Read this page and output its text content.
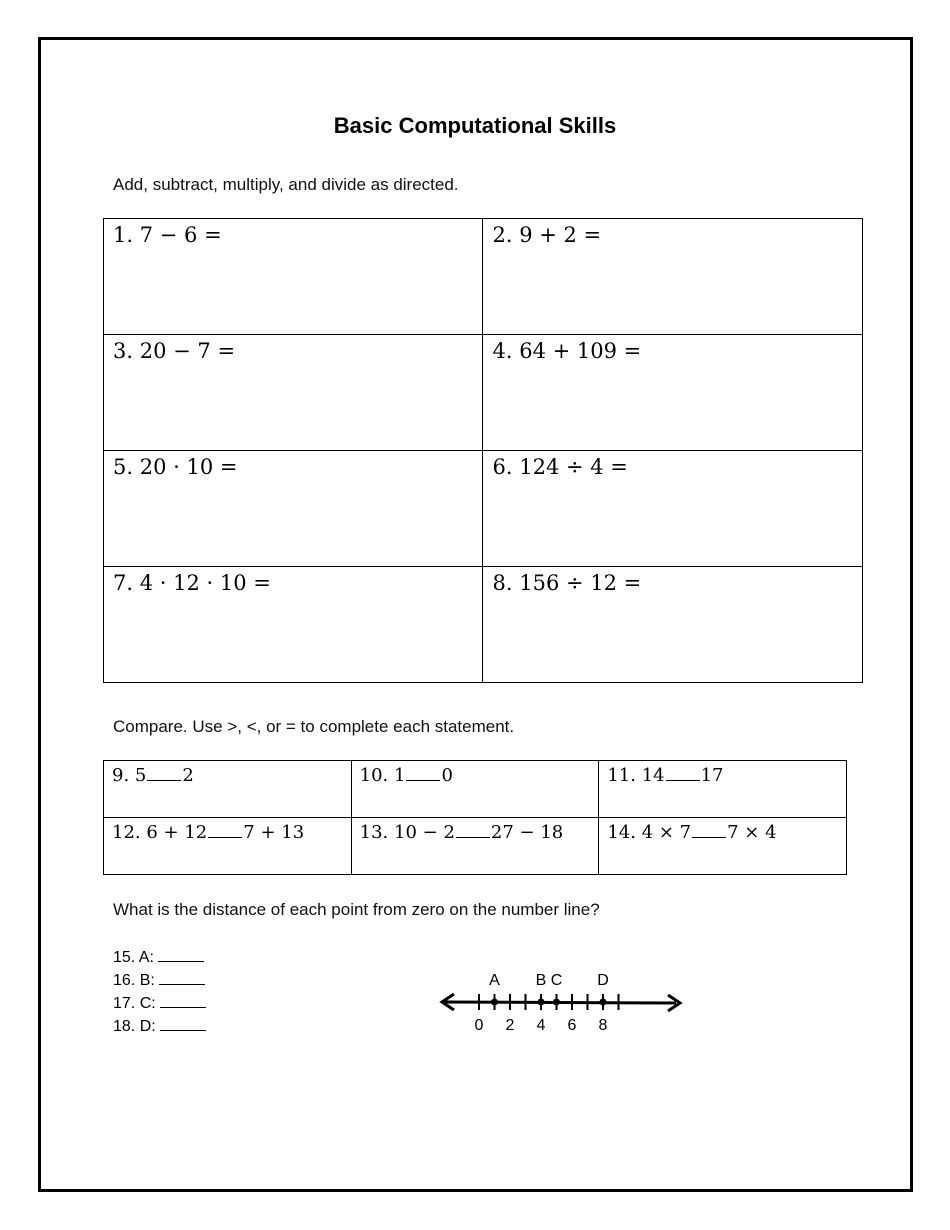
Basic Computational Skills
Add, subtract, multiply, and divide as directed.
1. 7 − 6 =	2. 9 + 2 =

3. 20 − 7 =	4. 64 + 109 =

5. 20 · 10 =	6. 124 ÷ 4 =

7. 4 · 12 · 10 =	8. 156 ÷ 12 =
Compare. Use >, <, or = to complete each statement.
9. 5 2	10. 1 0	11. 14 17

12. 6 + 12 7 + 13	13. 10 − 2 27 − 18	14. 4 × 7 7 × 4
What is the distance of each point from zero on the number line?
15. A:
16. B:
17. C:
18. D:	0 2 4 6 8
A B C D
